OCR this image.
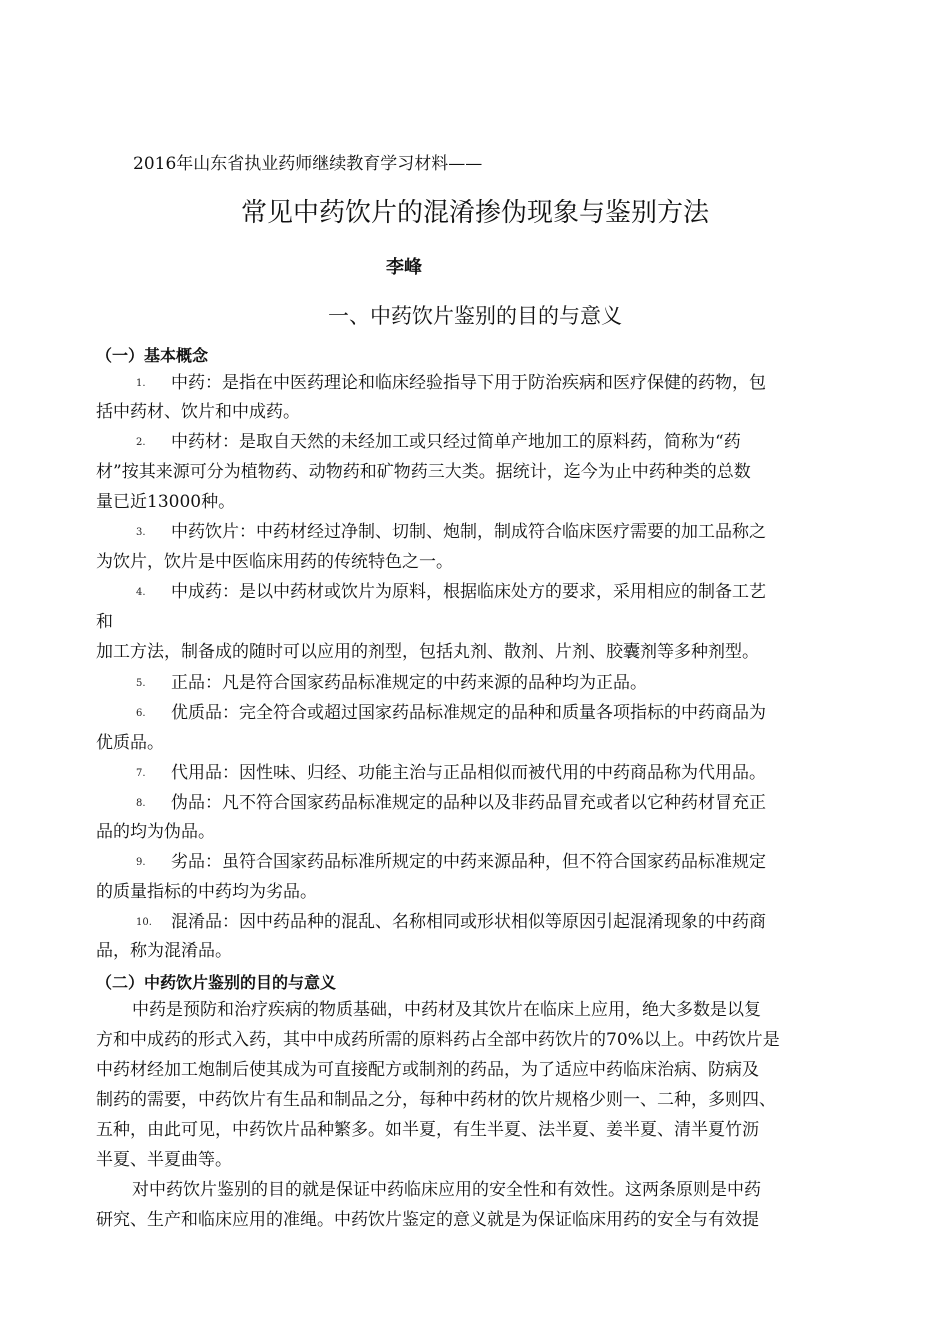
2016年山东省执业药师继续教育学习材料——
常见中药饮片的混淆掺伪现象与鉴别方法
李峰
一、中药饮片鉴别的目的与意义
（一）基本概念
1. 中药：是指在中医药理论和临床经验指导下用于防治疾病和医疗保健的药物，包
括中药材、饮片和中成药。
2. 中药材：是取自天然的未经加工或只经过简单产地加工的原料药，简称为“药
材”按其来源可分为植物药、动物药和矿物药三大类。据统计，迄今为止中药种类的总数
量已近13000种。
3. 中药饮片：中药材经过净制、切制、炮制，制成符合临床医疗需要的加工品称之
为饮片，饮片是中医临床用药的传统特色之一。
4. 中成药：是以中药材或饮片为原料，根据临床处方的要求，采用相应的制备工艺
和
加工方法，制备成的随时可以应用的剂型，包括丸剂、散剂、片剂、胶囊剂等多种剂型。
5. 正品：凡是符合国家药品标准规定的中药来源的品种均为正品。
6. 优质品：完全符合或超过国家药品标准规定的品种和质量各项指标的中药商品为
优质品。
7. 代用品：因性味、归经、功能主治与正品相似而被代用的中药商品称为代用品。
8. 伪品：凡不符合国家药品标准规定的品种以及非药品冒充或者以它种药材冒充正
品的均为伪品。
9. 劣品：虽符合国家药品标准所规定的中药来源品种，但不符合国家药品标准规定
的质量指标的中药均为劣品。
10. 混淆品：因中药品种的混乱、名称相同或形状相似等原因引起混淆现象的中药商
品，称为混淆品。
（二）中药饮片鉴别的目的与意义
中药是预防和治疗疾病的物质基础，中药材及其饮片在临床上应用，绝大多数是以复
方和中成药的形式入药，其中中成药所需的原料药占全部中药饮片的70%以上。中药饮片是
中药材经加工炮制后使其成为可直接配方或制剂的药品，为了适应中药临床治病、防病及
制药的需要，中药饮片有生品和制品之分，每种中药材的饮片规格少则一、二种，多则四、
五种，由此可见，中药饮片品种繁多。如半夏，有生半夏、法半夏、姜半夏、清半夏竹沥
半夏、半夏曲等。
对中药饮片鉴别的目的就是保证中药临床应用的安全性和有效性。这两条原则是中药
研究、生产和临床应用的准绳。中药饮片鉴定的意义就是为保证临床用药的安全与有效提
